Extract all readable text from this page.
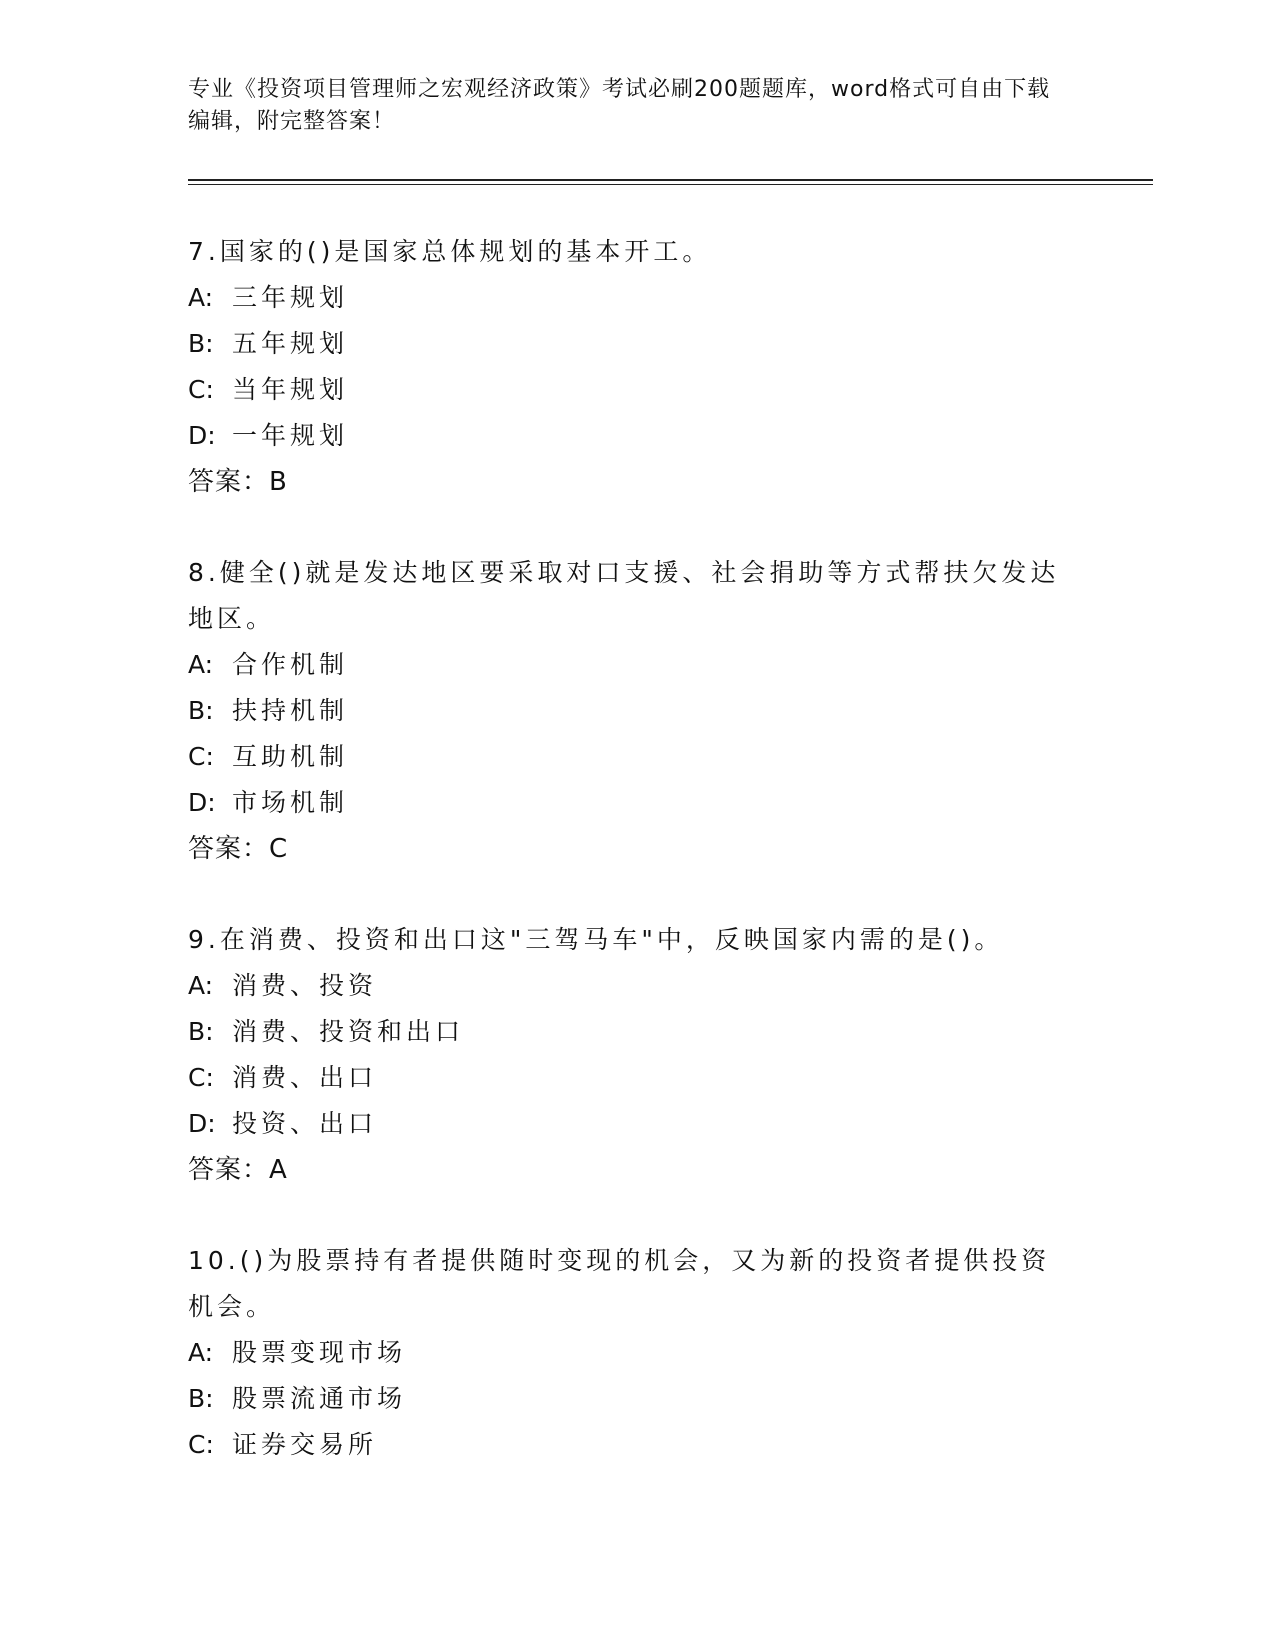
专业《投资项目管理师之宏观经济政策》考试必刷200题题库，word格式可自由下载编辑，附完整答案！
7.国家的()是国家总体规划的基本开工。
A: 三年规划
B: 五年规划
C: 当年规划
D: 一年规划
答案：B
8.健全()就是发达地区要采取对口支援、社会捐助等方式帮扶欠发达地区。
A: 合作机制
B: 扶持机制
C: 互助机制
D: 市场机制
答案：C
9.在消费、投资和出口这"三驾马车"中，反映国家内需的是()。
A: 消费、投资
B: 消费、投资和出口
C: 消费、出口
D: 投资、出口
答案：A
10.()为股票持有者提供随时变现的机会，又为新的投资者提供投资机会。
A: 股票变现市场
B: 股票流通市场
C: 证券交易所
